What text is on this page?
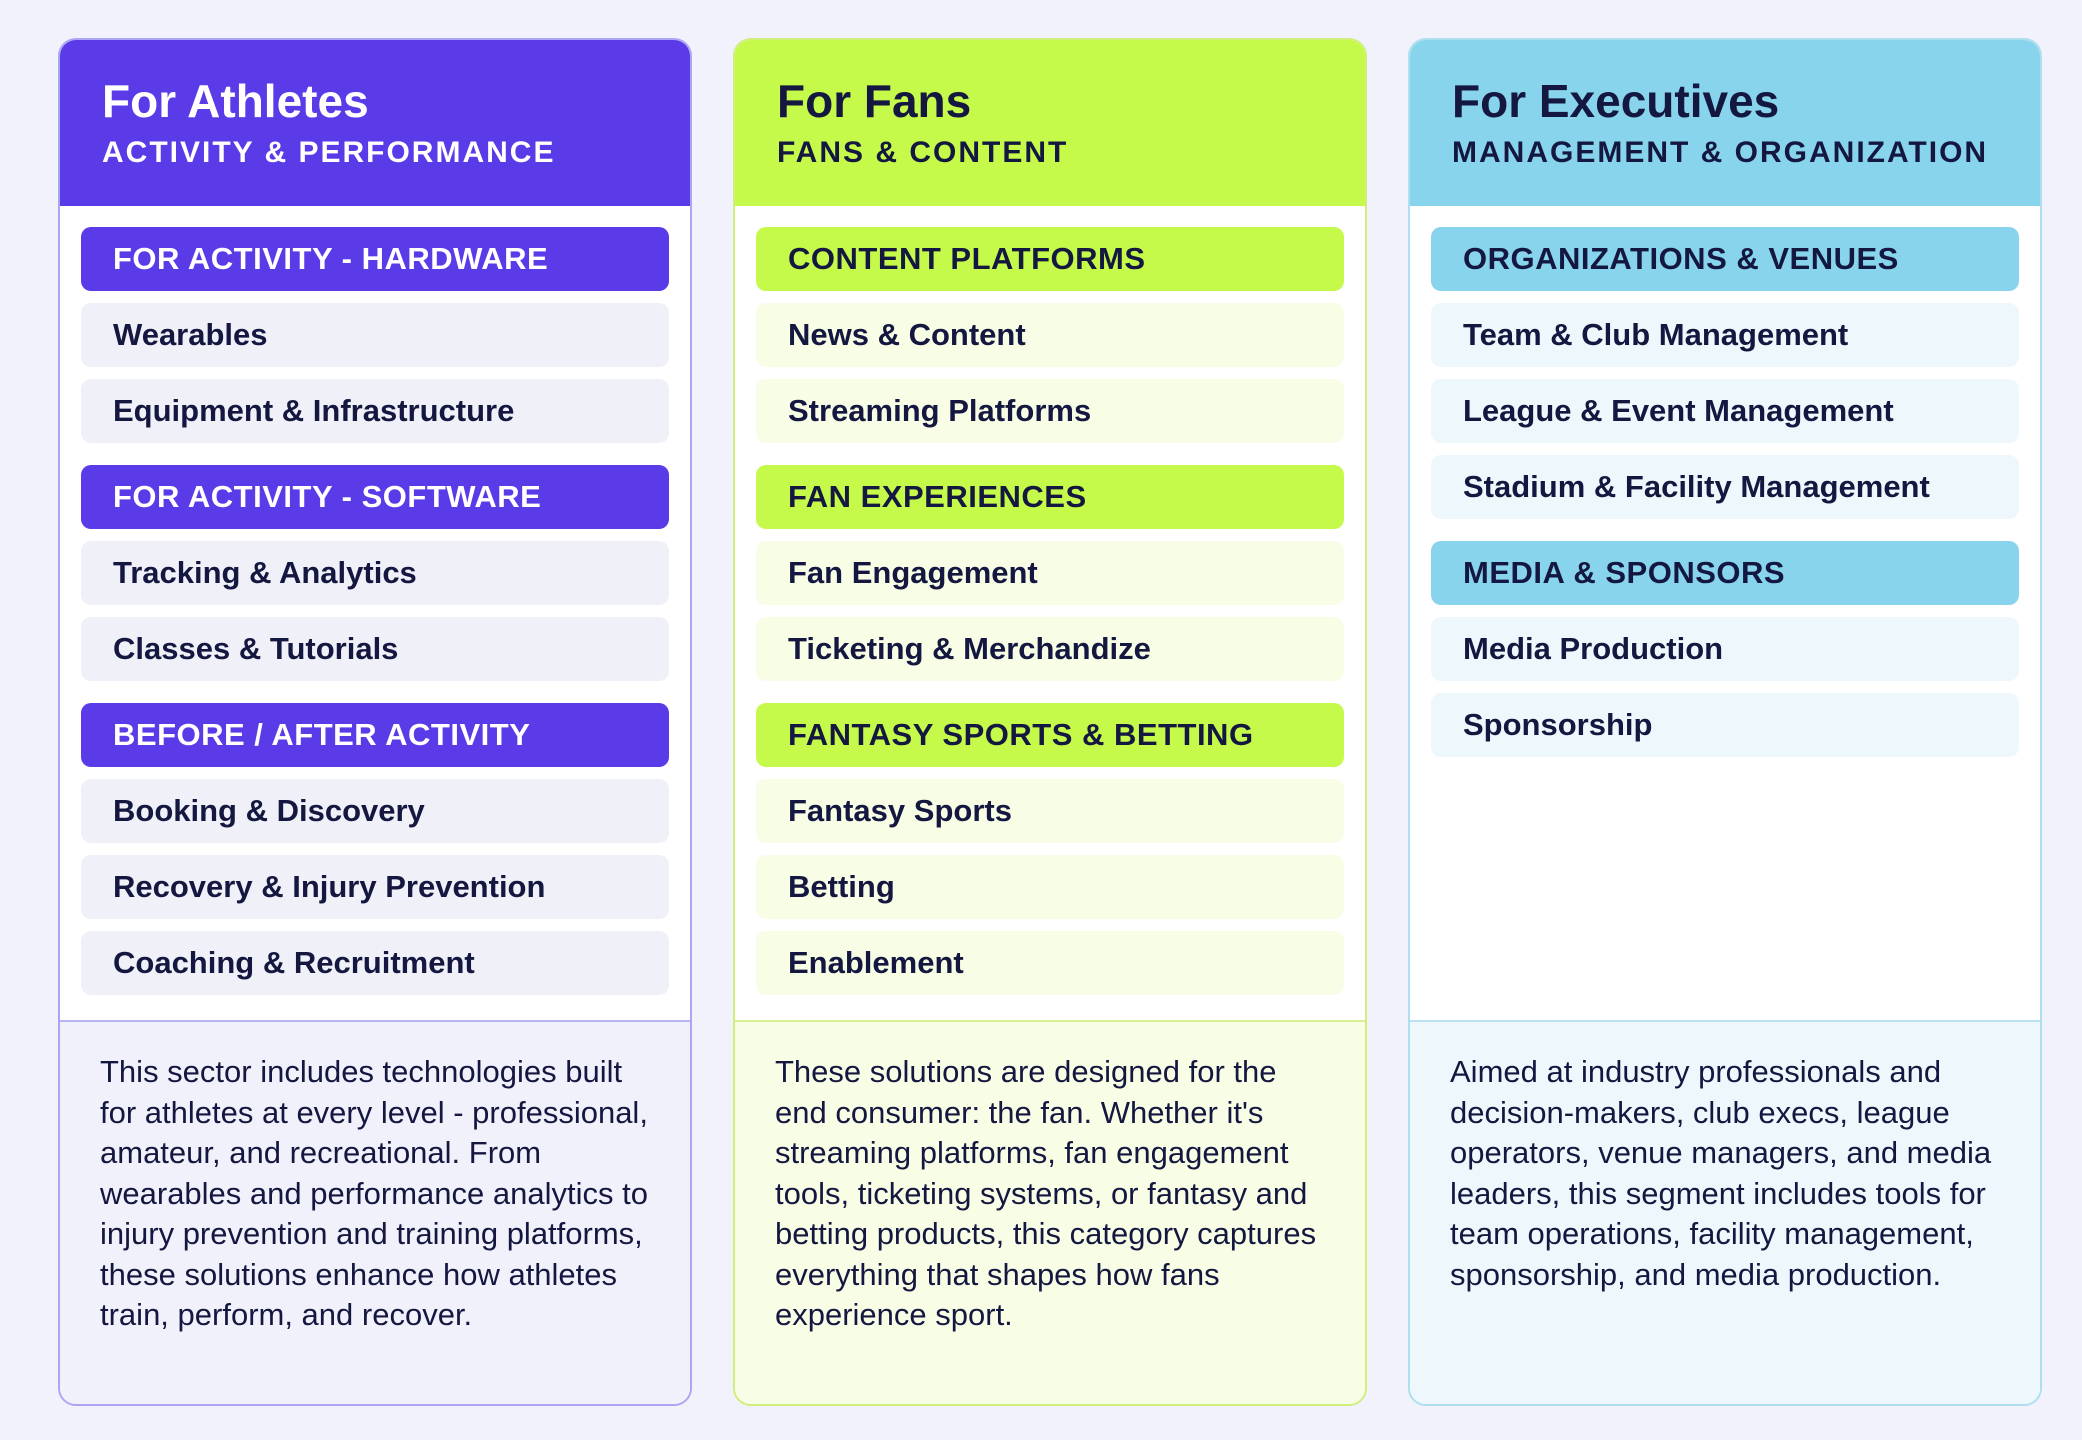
For Athletes
ACTIVITY & PERFORMANCE
FOR ACTIVITY - HARDWARE
Wearables
Equipment & Infrastructure
FOR ACTIVITY - SOFTWARE
Tracking & Analytics
Classes & Tutorials
BEFORE / AFTER ACTIVITY
Booking & Discovery
Recovery & Injury Prevention
Coaching & Recruitment
This sector includes technologies built for athletes at every level - professional, amateur, and recreational. From wearables and performance analytics to injury prevention and training platforms, these solutions enhance how athletes train, perform, and recover.
For Fans
FANS & CONTENT
CONTENT PLATFORMS
News & Content
Streaming Platforms
FAN EXPERIENCES
Fan Engagement
Ticketing & Merchandize
FANTASY SPORTS & BETTING
Fantasy Sports
Betting
Enablement
These solutions are designed for the end consumer: the fan. Whether it's streaming platforms, fan engagement tools, ticketing systems, or fantasy and betting products, this category captures everything that shapes how fans experience sport.
For Executives
MANAGEMENT & ORGANIZATION
ORGANIZATIONS & VENUES
Team & Club Management
League & Event Management
Stadium & Facility Management
MEDIA & SPONSORS
Media Production
Sponsorship
Aimed at industry professionals and decision-makers, club execs, league operators, venue managers, and media leaders, this segment includes tools for team operations, facility management, sponsorship, and media production.
